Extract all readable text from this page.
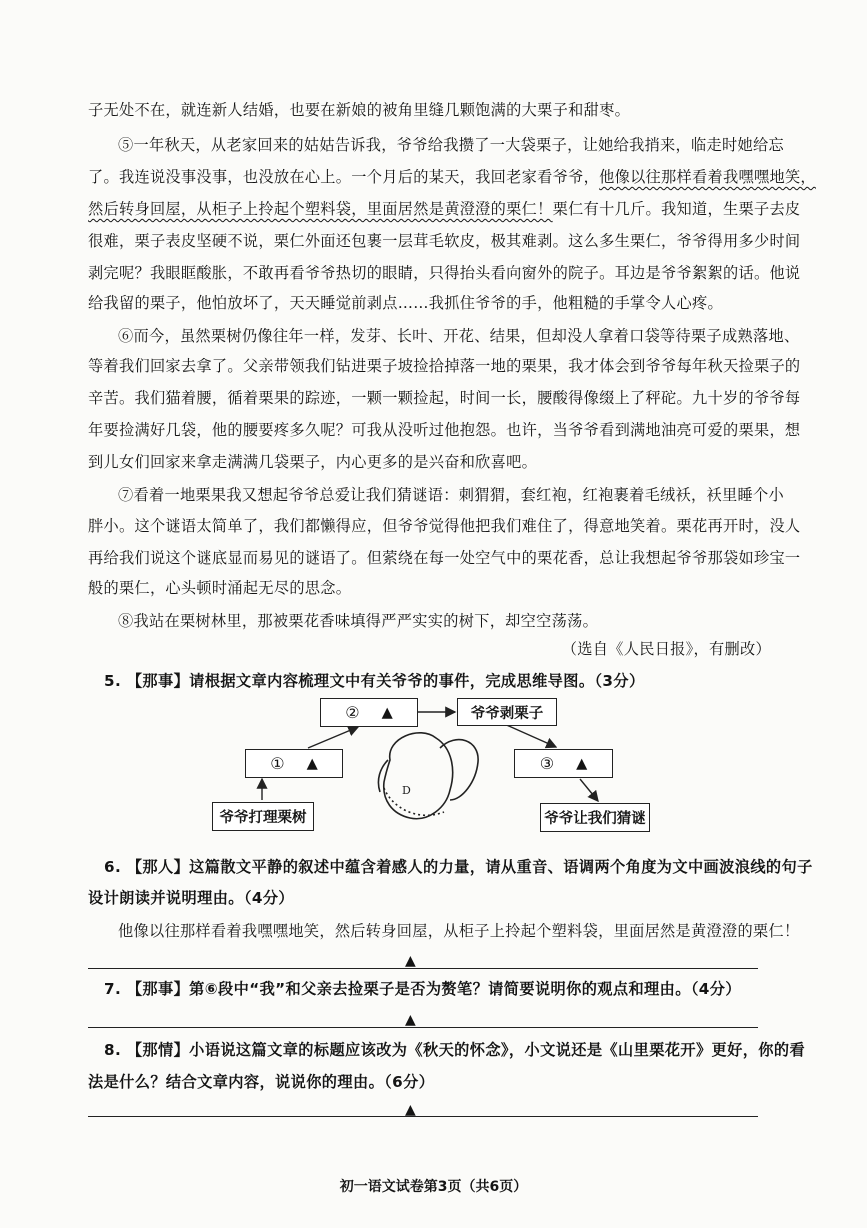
子无处不在，就连新人结婚，也要在新娘的被角里缝几颗饱满的大栗子和甜枣。
⑤一年秋天，从老家回来的姑姑告诉我，爷爷给我攒了一大袋栗子，让她给我捎来，临走时她给忘
了。我连说没事没事，也没放在心上。一个月后的某天，我回老家看爷爷，他像以往那样看着我嘿嘿地笑，
然后转身回屋，从柜子上拎起个塑料袋，里面居然是黄澄澄的栗仁！栗仁有十几斤。我知道，生栗子去皮
很难，栗子表皮坚硬不说，栗仁外面还包裹一层茸毛软皮，极其难剥。这么多生栗仁，爷爷得用多少时间
剥完呢？我眼眶酸胀，不敢再看爷爷热切的眼睛，只得抬头看向窗外的院子。耳边是爷爷絮絮的话。他说
给我留的栗子，他怕放坏了，天天睡觉前剥点……我抓住爷爷的手，他粗糙的手掌令人心疼。
⑥而今，虽然栗树仍像往年一样，发芽、长叶、开花、结果，但却没人拿着口袋等待栗子成熟落地、
等着我们回家去拿了。父亲带领我们钻进栗子坡捡拾掉落一地的栗果，我才体会到爷爷每年秋天捡栗子的
辛苦。我们猫着腰，循着栗果的踪迹，一颗一颗捡起，时间一长，腰酸得像缀上了秤砣。九十岁的爷爷每
年要捡满好几袋，他的腰要疼多久呢？可我从没听过他抱怨。也许，当爷爷看到满地油亮可爱的栗果，想
到儿女们回家来拿走满满几袋栗子，内心更多的是兴奋和欣喜吧。
⑦看着一地栗果我又想起爷爷总爱让我们猜谜语：刺猬猬，套红袍，红袍裹着毛绒袄，袄里睡个小
胖小。这个谜语太简单了，我们都懒得应，但爷爷觉得他把我们难住了，得意地笑着。栗花再开时，没人
再给我们说这个谜底显而易见的谜语了。但萦绕在每一处空气中的栗花香，总让我想起爷爷那袋如珍宝一
般的栗仁，心头顿时涌起无尽的思念。
⑧我站在栗树林里，那被栗花香味填得严严实实的树下，却空空荡荡。
（选自《人民日报》，有删改）
5. 【那事】请根据文章内容梳理文中有关爷爷的事件，完成思维导图。（3分）
D
② ▲	爷爷剥栗子
① ▲	③ ▲
爷爷打理栗树	爷爷让我们猜谜
6. 【那人】这篇散文平静的叙述中蕴含着感人的力量，请从重音、语调两个角度为文中画波浪线的句子
设计朗读并说明理由。（4分）
他像以往那样看着我嘿嘿地笑，然后转身回屋，从柜子上拎起个塑料袋，里面居然是黄澄澄的栗仁！
▲
7. 【那事】第⑥段中“我”和父亲去捡栗子是否为赘笔？请简要说明你的观点和理由。（4分）
▲
8. 【那情】小语说这篇文章的标题应该改为《秋天的怀念》，小文说还是《山里栗花开》更好，你的看
法是什么？结合文章内容，说说你的理由。（6分）
▲
初一语文试卷第3页（共6页）
